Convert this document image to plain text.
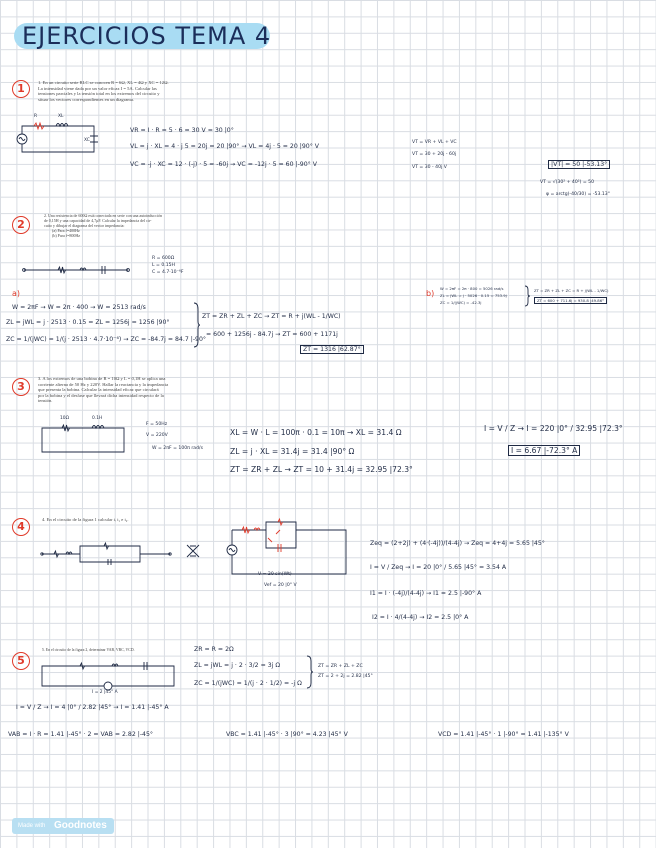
EJERCICIOS TEMA 4
1	1. En un circuito serie RLC se conocen R = 6Ω, XL = 4Ω y XC = 12Ω.

La intensidad viene dada por un valor eficaz I = 5A. Calcular las

tensiones parciales y la tensión total en los extremos del circuito y

situar los vectores correspondientes en un diagrama.

R	XL
XC
VR = I · R = 5 · 6 = 30 V = 30 |0°
VL = j · XL = 4 · j 5 = 20j = 20 |90° → VL = 4j · 5 = 20 |90° V
VC = -j · XC = 12 · (-j) · 5 = -60j → VC = -12j · 5 = 60 |-90° V
VT = VR + VL + VC
VT = 30 + 20j - 60j
VT = 30 - 40j V	|VT| = 50 |-53.13°
VT = √(30² + 40²) = 50
φ = arctg(-40/30) = -53.13°
2

2. Una resistencia de 600Ω está conectada en serie con una autoinducción

de 0,15H y una capacidad de 4,7μF. Calcular la impedancia del cir-

cuito y dibujar el diagrama del vector impedancia:

(a) Para f=400Hz

(b) Para f=800Hz

R = 600Ω
L = 0.15H
C = 4.7·10⁻⁶F
a)
W = 2πF → W = 2π · 400 → W = 2513 rad/s
ZL = jWL = j · 2513 · 0.15 = ZL = 1256j = 1256 |90°
ZC = 1/(jWC) = 1/(j · 2513 · 4.7·10⁻⁶) → ZC = -84.7j = 84.7 |-90°
ZT = ZR + ZL + ZC → ZT = R + j(WL - 1/WC)
= 600 + 1256j - 84.7j → ZT = 600 + 1171j
ZT = 1316 |62.87°
b)
W = 2πF = 2π · 800 = 5026 rad/s
ZL = jWL = j · 5026 · 0.15 = 753.9j
ZC = 1/(jWC) = -42.3j
ZT = ZR + ZL + ZC = R + j(WL - 1/WC)
ZT = 600 + 711.6j = 930.8 |49.86°
3

3. A los extremos de una bobina de R = 10Ω y L = 0,1H se aplica una

corriente alterna de 50 Hz y 220V. Hallar la reactancia y la impedancia

que presenta la bobina. Calcular la intensidad eficaz que circulará

por la bobina y el desfase que llevará dicha intensidad respecto de la

tensión.

10Ω	0.1H
F = 50Hz
V = 220V
W = 2πF = 100π rad/s
XL = W · L = 100π · 0.1 = 10π → XL = 31.4 Ω
ZL = j · XL = 31.4j = 31.4 |90° Ω
ZT = ZR + ZL → ZT = 10 + 31.4j = 32.95 |72.3°
I = V / Z → I = 220 |0° / 32.95 |72.3°
I = 6.67 |-72.3° A
4

4. En el circuito de la figura 1 calcular i, i₁ e i₂.

V = 20 sin(Wt)
Vef = 20 |0° V
Zeq = (2+2j) + (4·(-4j))/(4-4j) → Zeq = 4+4j = 5.65 |45°
I = V / Zeq → I = 20 |0° / 5.65 |45° = 3.54 A
I1 = I · (-4j)/(4-4j) → I1 = 2.5 |-90° A
I2 = I · 4/(4-4j) → I2 = 2.5 |0° A
5

5. En el circuito de la figura 2, determinar VAB, VBC, VCD.

I = 2 |45° A
ZR = R = 2Ω
ZL = jWL = j · 2 · 3/2 = 3j Ω
ZC = 1/(jWC) = 1/(j · 2 · 1/2) = -j Ω
ZT = ZR + ZL + ZC
ZT = 2 + 2j = 2.82 |45°
I = V / Z → I = 4 |0° / 2.82 |45° → I = 1.41 |-45° A
VAB = I · R = 1.41 |-45° · 2 = VAB = 2.82 |-45°	VBC = 1.41 |-45° · 3 |90° = 4.23 |45° V	VCD = 1.41 |-45° · 1 |-90° = 1.41 |-135° V
Made with Goodnotes
